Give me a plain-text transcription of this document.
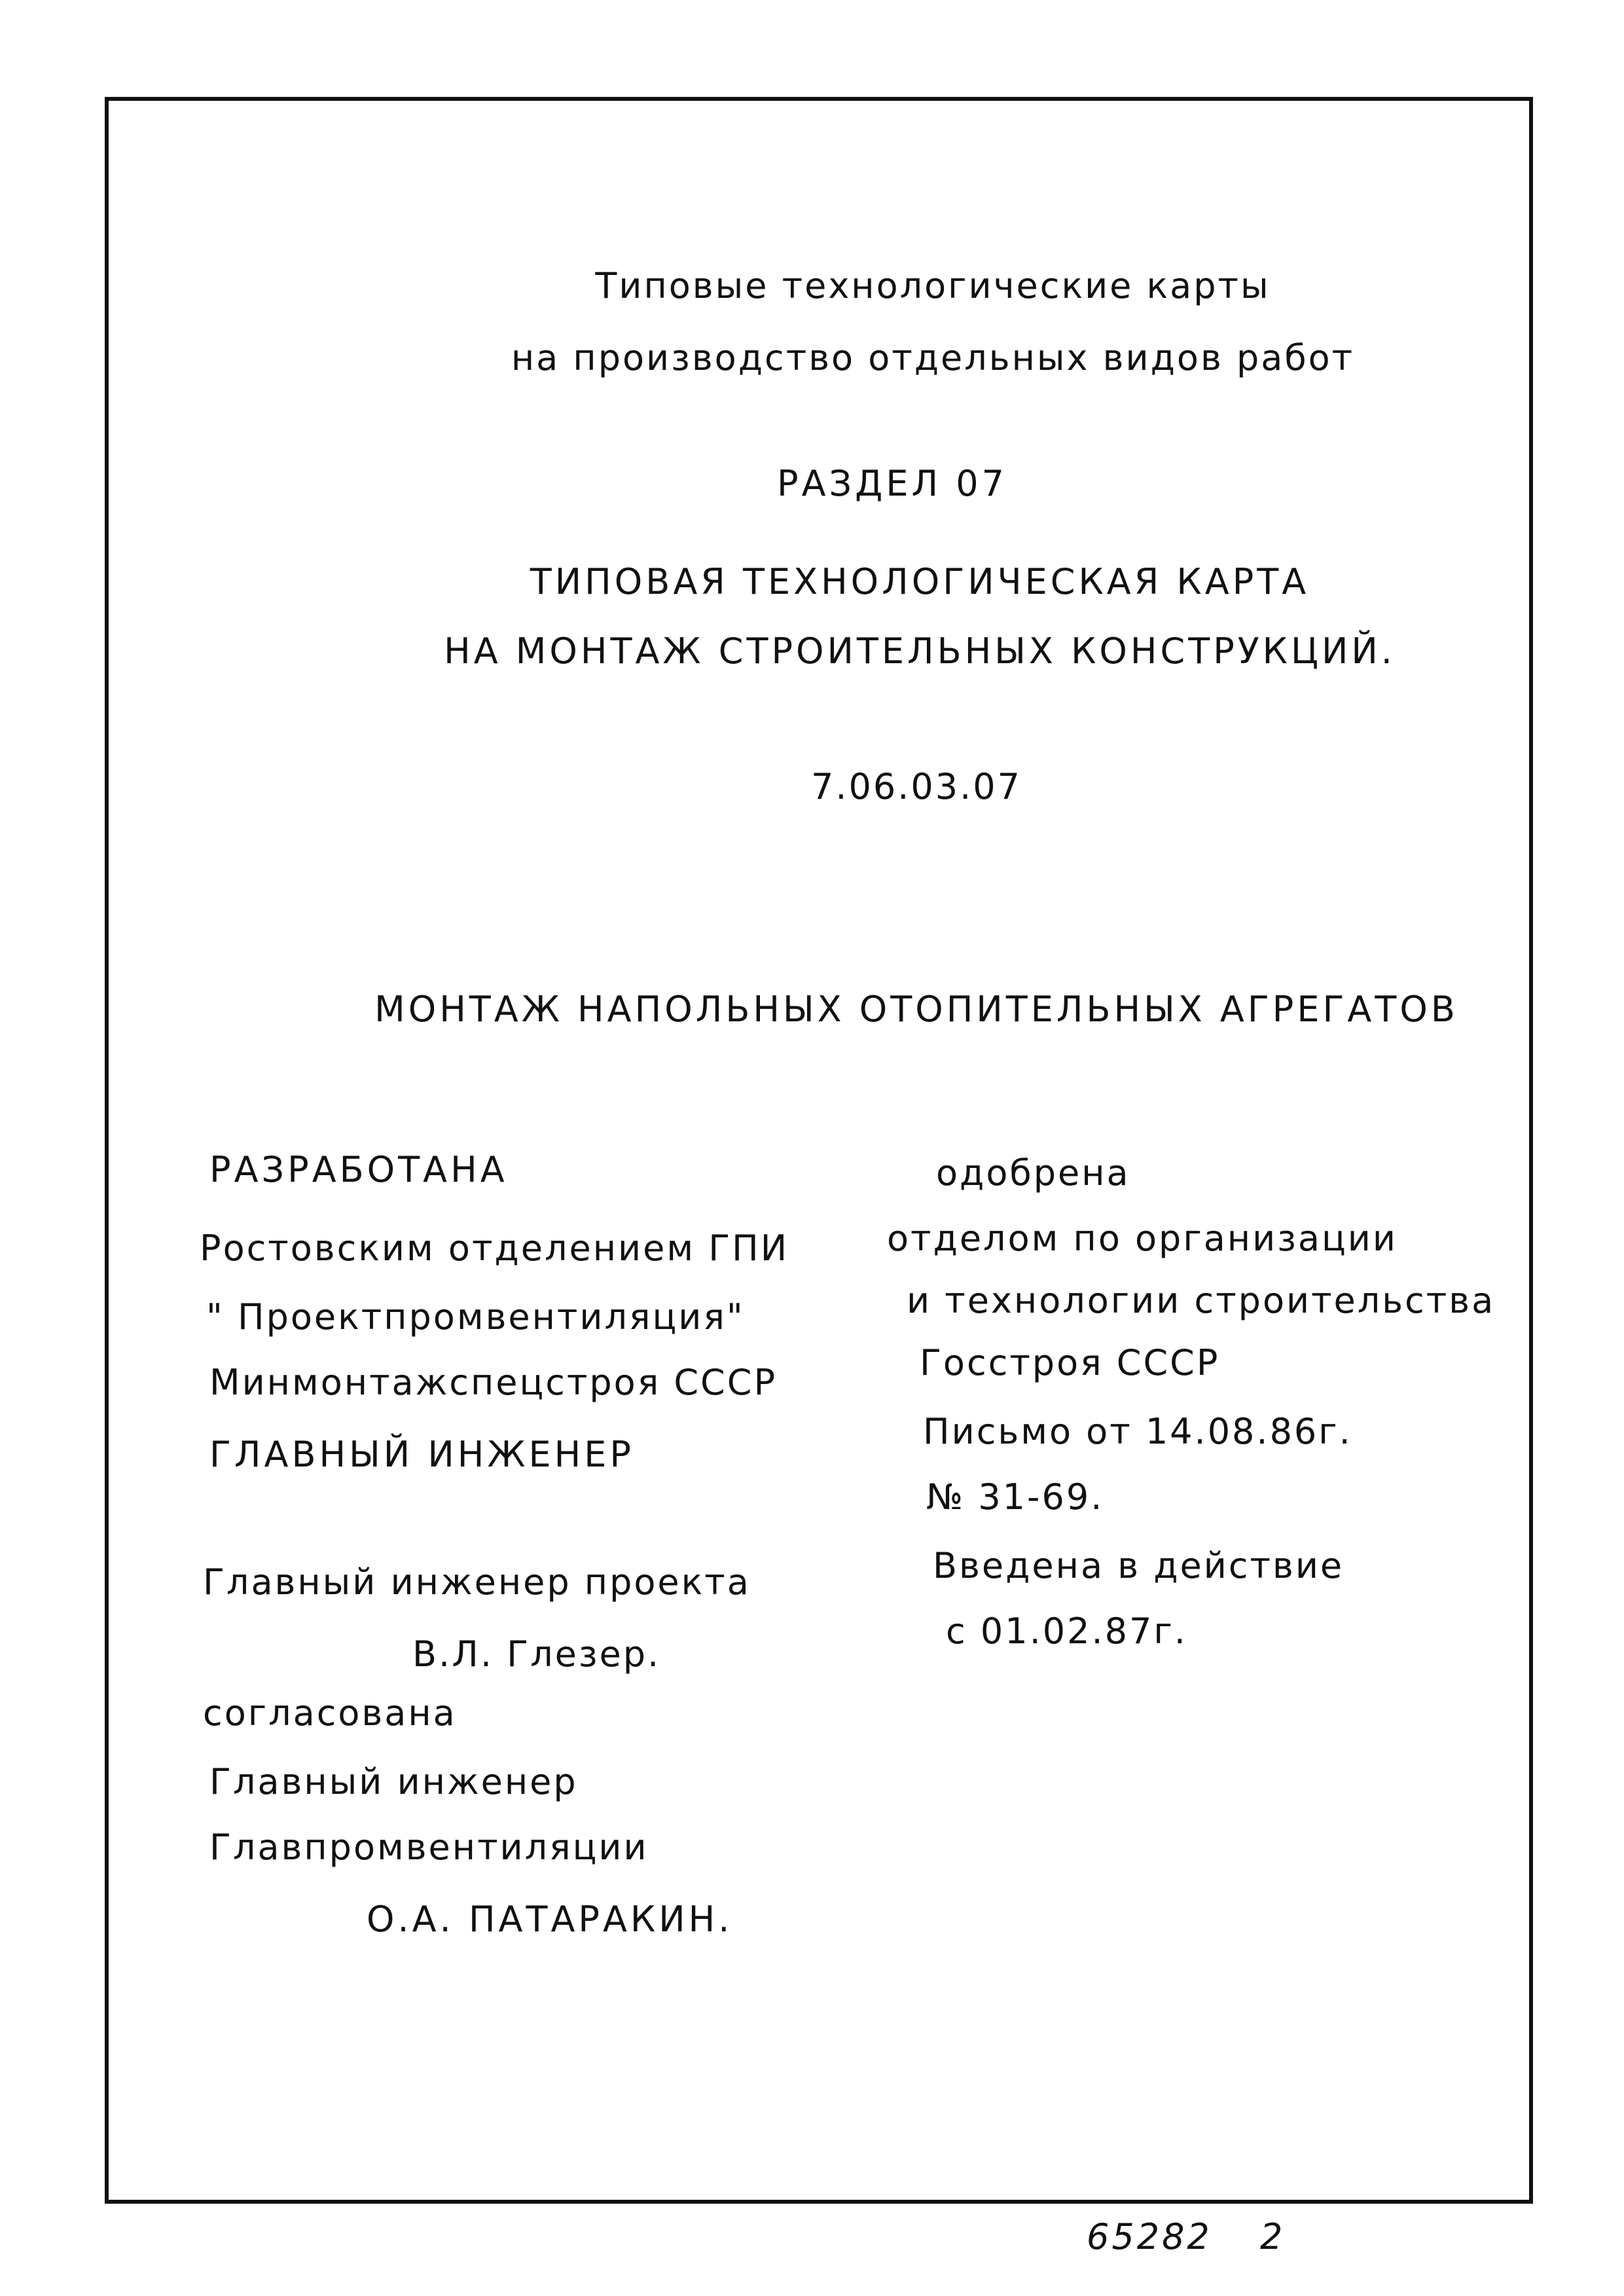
Типовые технологические карты
на производство отдельных видов работ
РАЗДЕЛ 07
ТИПОВАЯ ТЕХНОЛОГИЧЕСКАЯ КАРТА
НА МОНТАЖ СТРОИТЕЛЬНЫХ КОНСТРУКЦИЙ.
7.06.03.07
МОНТАЖ НАПОЛЬНЫХ ОТОПИТЕЛЬНЫХ АГРЕГАТОВ
РАЗРАБОТАНА
Ростовским отделением ГПИ
" Проектпромвентиляция"
Минмонтажспецстроя СССР
ГЛАВНЫЙ ИНЖЕНЕР
Главный инженер проекта
В.Л. Глезер.
согласована
Главный инженер
Главпромвентиляции
О.А. ПАТАРАКИН.
одобрена
отделом по организации
и технологии строительства
Госстроя СССР
Письмо от 14.08.86г.
№ 31-69.
Введена в действие
с 01.02.87г.
65282 2
